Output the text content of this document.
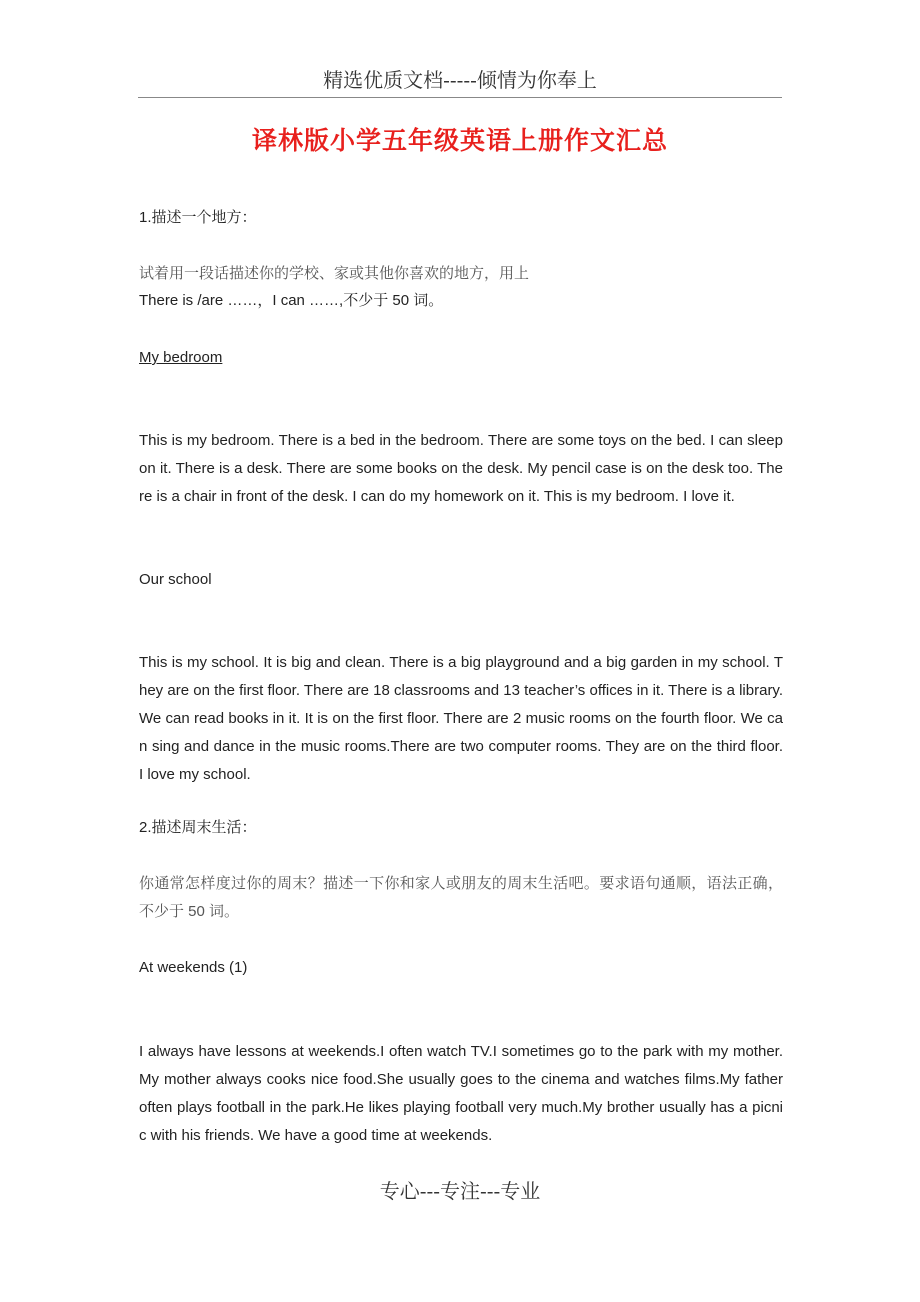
精选优质文档-----倾情为你奉上
译林版小学五年级英语上册作文汇总
1.描述一个地方：
试着用一段话描述你的学校、家或其他你喜欢的地方，用上
There is /are ……，I can ……,不少于 50 词。
My bedroom
This is my bedroom. There is a bed in the bedroom. There are some toys on the bed. I can sleep on it. There is a desk. There are some books on the desk. My pencil case is on the desk too. There is a chair in front of the desk. I can do my homework on it. This is my bedroom. I love it.
Our school
This is my school. It is big and clean. There is a big playground and a big garden in my school. They are on the first floor. There are 18 classrooms and 13 teacher’s offices in it. There is a library. We can read books in it. It is on the first floor. There are 2 music rooms on the fourth floor. We can sing and dance in the music rooms.There are two computer rooms. They are on the third floor. I love my school.
2.描述周末生活：
你通常怎样度过你的周末？描述一下你和家人或朋友的周末生活吧。要求语句通顺，语法正确，不少于 50 词。
At weekends (1)
I always have lessons at weekends.I often watch TV.I sometimes go to the park with my mother.My mother always cooks nice food.She usually goes to the cinema and watches films.My father often plays football in the park.He likes playing football very much.My brother usually has a picnic with his friends. We have a good time at weekends.
专心---专注---专业
